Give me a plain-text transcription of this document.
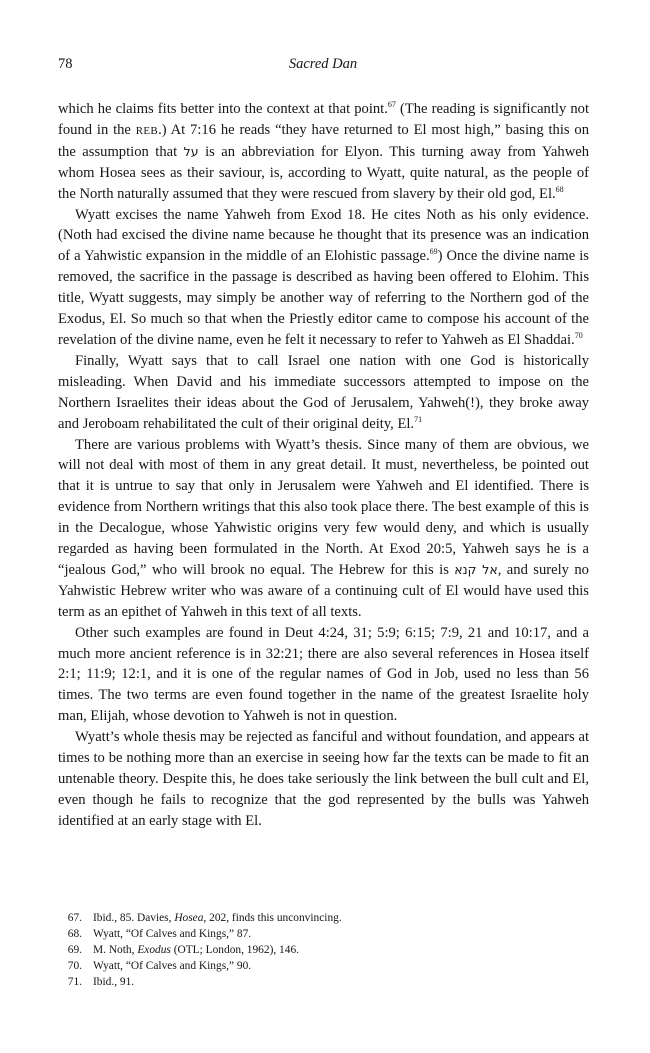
78	Sacred Dan

which he claims fits better into the context at that point.$^{67}$ (The reading is significantly not found in the REB.) At 7:16 he reads “they have returned to El most high,” basing this on the assumption that על is an abbreviation for Elyon. This turning away from Yahweh whom Hosea sees as their saviour, is, according to Wyatt, quite natural, as the people of the North naturally assumed that they were rescued from slavery by their old god, El.$^{68}$

Wyatt excises the name Yahweh from Exod 18. He cites Noth as his only evidence. (Noth had excised the divine name because he thought that its presence was an indication of a Yahwistic expansion in the middle of an Elohistic passage.$^{69}$) Once the divine name is removed, the sacrifice in the passage is described as having been offered to Elohim. This title, Wyatt suggests, may simply be another way of referring to the Northern god of the Exodus, El. So much so that when the Priestly editor came to compose his account of the revelation of the divine name, even he felt it necessary to refer to Yahweh as El Shaddai.$^{70}$

Finally, Wyatt says that to call Israel one nation with one God is historically misleading. When David and his immediate successors attempted to impose on the Northern Israelites their ideas about the God of Jerusalem, Yahweh(!), they broke away and Jeroboam rehabilitated the cult of their original deity, El.$^{71}$

There are various problems with Wyatt’s thesis. Since many of them are obvious, we will not deal with most of them in any great detail. It must, nevertheless, be pointed out that it is untrue to say that only in Jerusalem were Yahweh and El identified. There is evidence from Northern writings that this also took place there. The best example of this is in the Decalogue, whose Yahwistic origins very few would deny, and which is usually regarded as having been formulated in the North. At Exod 20:5, Yahweh says he is a “jealous God,” who will brook no equal. The Hebrew for this is אל קנא, and surely no Yahwistic Hebrew writer who was aware of a continuing cult of El would have used this term as an epithet of Yahweh in this text of all texts.

Other such examples are found in Deut 4:24, 31; 5:9; 6:15; 7:9, 21 and 10:17, and a much more ancient reference is in 32:21; there are also several references in Hosea itself 2:1; 11:9; 12:1, and it is one of the regular names of God in Job, used no less than 56 times. The two terms are even found together in the name of the greatest Israelite holy man, Elijah, whose devotion to Yahweh is not in question.

Wyatt’s whole thesis may be rejected as fanciful and without foundation, and appears at times to be nothing more than an exercise in seeing how far the texts can be made to fit an untenable theory. Despite this, he does take seriously the link between the bull cult and El, even though he fails to recognize that the god represented by the bulls was Yahweh identified at an early stage with El.

67. Ibid., 85. Davies, Hosea, 202, finds this unconvincing.
68. Wyatt, “Of Calves and Kings,” 87.
69. M. Noth, Exodus (OTL; London, 1962), 146.
70. Wyatt, “Of Calves and Kings,” 90.
71. Ibid., 91.
